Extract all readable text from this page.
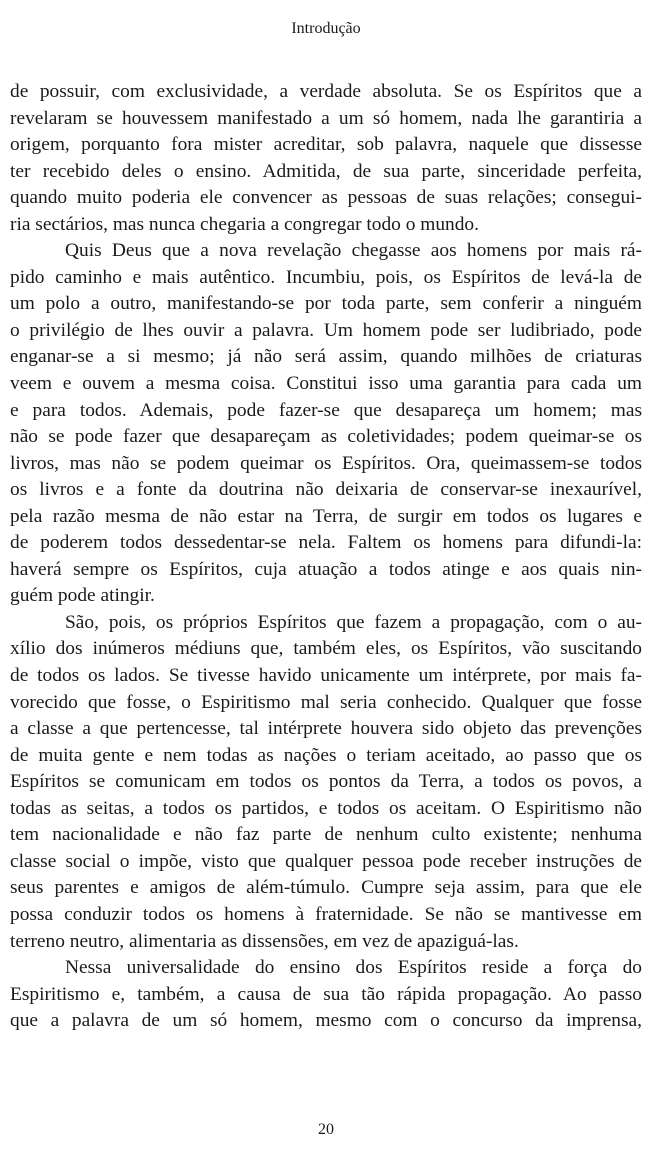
Introdução
de possuir, com exclusividade, a verdade absoluta. Se os Espíritos que a
revelaram se houvessem manifestado a um só homem, nada lhe garantiria a
origem, porquanto fora mister acreditar, sob palavra, naquele que dissesse
ter recebido deles o ensino. Admitida, de sua parte, sinceridade perfeita,
quando muito poderia ele convencer as pessoas de suas relações; consegui-
ria sectários, mas nunca chegaria a congregar todo o mundo.
Quis Deus que a nova revelação chegasse aos homens por mais rá-
pido caminho e mais autêntico. Incumbiu, pois, os Espíritos de levá-la de
um polo a outro, manifestando-se por toda parte, sem conferir a ninguém
o privilégio de lhes ouvir a palavra. Um homem pode ser ludibriado, pode
enganar-se a si mesmo; já não será assim, quando milhões de criaturas
veem e ouvem a mesma coisa. Constitui isso uma garantia para cada um
e para todos. Ademais, pode fazer-se que desapareça um homem; mas
não se pode fazer que desapareçam as coletividades; podem queimar-se os
livros, mas não se podem queimar os Espíritos. Ora, queimassem-se todos
os livros e a fonte da doutrina não deixaria de conservar-se inexaurível,
pela razão mesma de não estar na Terra, de surgir em todos os lugares e
de poderem todos dessedentar-se nela. Faltem os homens para difundi-la:
haverá sempre os Espíritos, cuja atuação a todos atinge e aos quais nin-
guém pode atingir.
São, pois, os próprios Espíritos que fazem a propagação, com o au-
xílio dos inúmeros médiuns que, também eles, os Espíritos, vão suscitando
de todos os lados. Se tivesse havido unicamente um intérprete, por mais fa-
vorecido que fosse, o Espiritismo mal seria conhecido. Qualquer que fosse
a classe a que pertencesse, tal intérprete houvera sido objeto das prevenções
de muita gente e nem todas as nações o teriam aceitado, ao passo que os
Espíritos se comunicam em todos os pontos da Terra, a todos os povos, a
todas as seitas, a todos os partidos, e todos os aceitam. O Espiritismo não
tem nacionalidade e não faz parte de nenhum culto existente; nenhuma
classe social o impõe, visto que qualquer pessoa pode receber instruções de
seus parentes e amigos de além-túmulo. Cumpre seja assim, para que ele
possa conduzir todos os homens à fraternidade. Se não se mantivesse em
terreno neutro, alimentaria as dissensões, em vez de apaziguá-las.
Nessa universalidade do ensino dos Espíritos reside a força do
Espiritismo e, também, a causa de sua tão rápida propagação. Ao passo
que a palavra de um só homem, mesmo com o concurso da imprensa,
20
